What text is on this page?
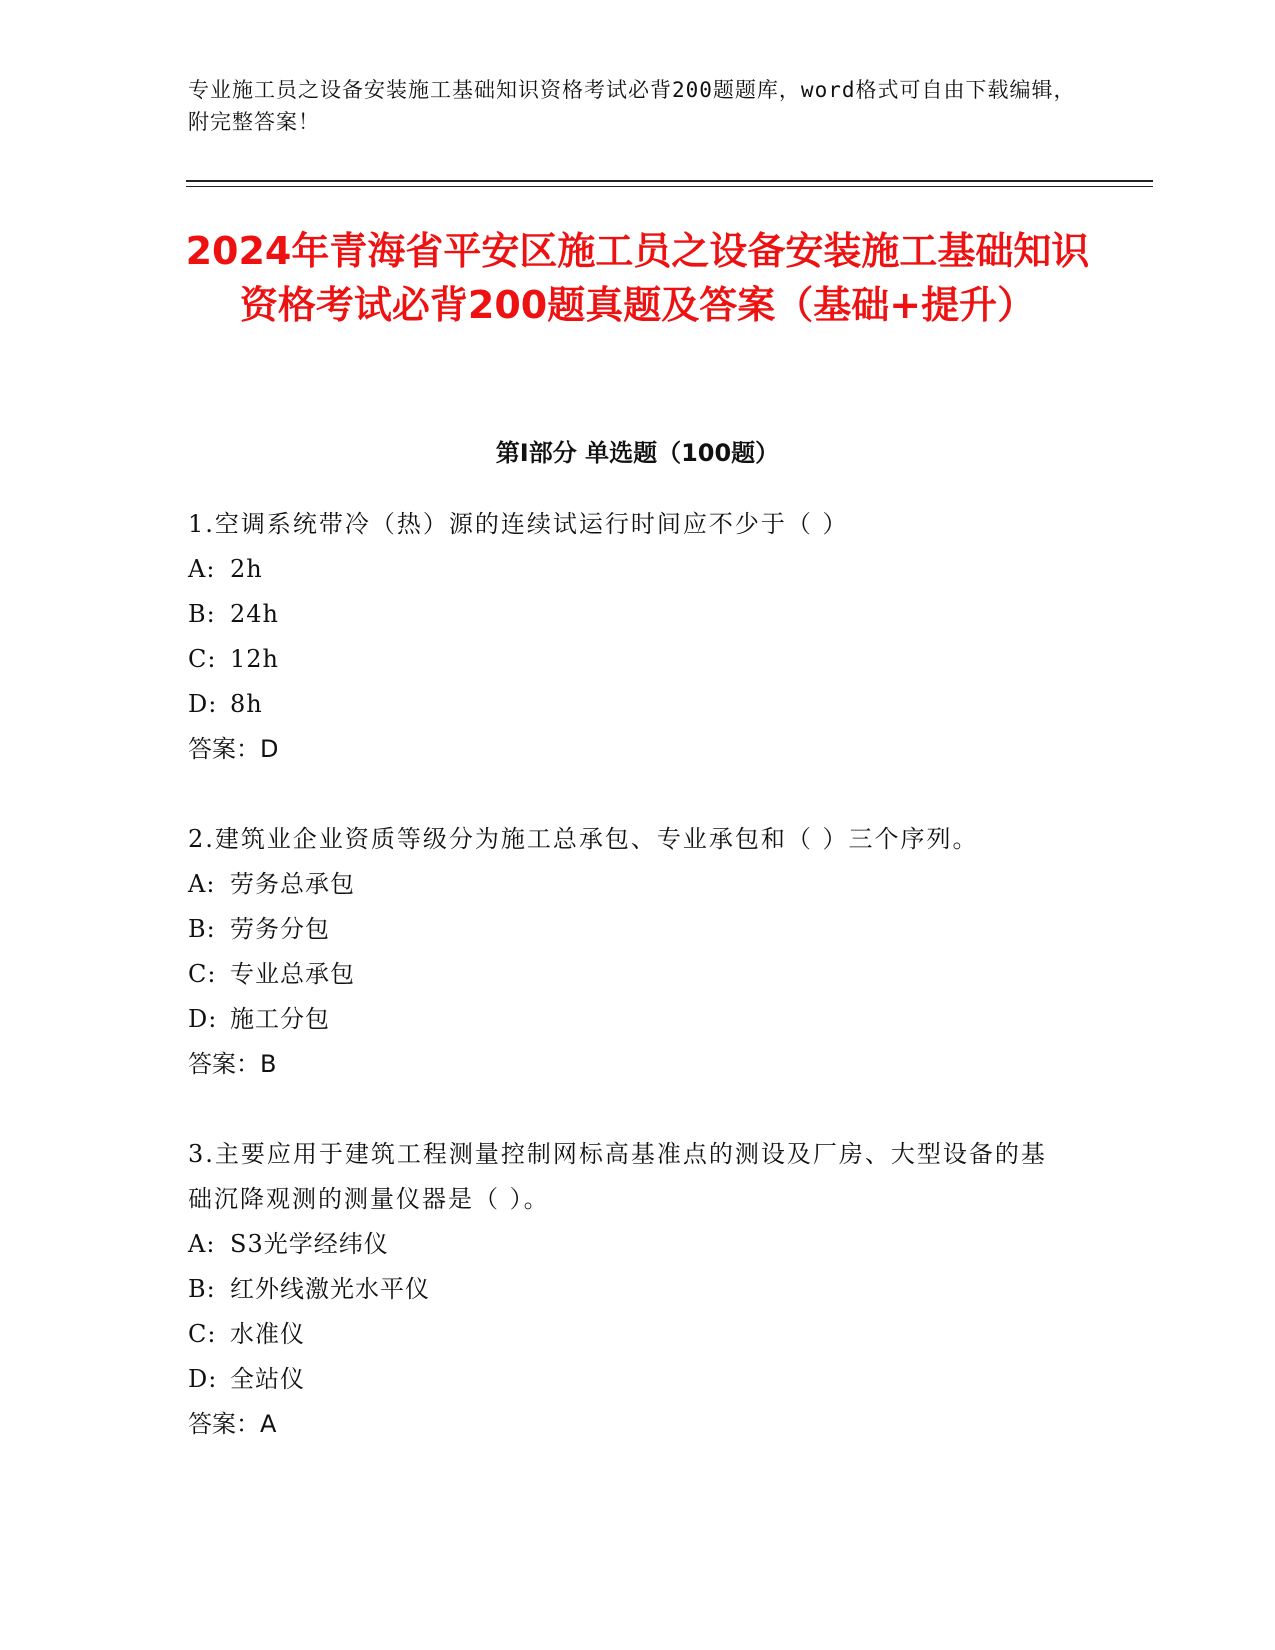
专业施工员之设备安装施工基础知识资格考试必背200题题库，word格式可自由下载编辑，附完整答案！
2024年青海省平安区施工员之设备安装施工基础知识资格考试必背200题真题及答案（基础+提升）
第Ⅰ部分 单选题（100题）
1.空调系统带冷（热）源的连续试运行时间应不少于（ ）
A: 2h
B: 24h
C: 12h
D: 8h
答案：D
2.建筑业企业资质等级分为施工总承包、专业承包和（ ）三个序列。
A: 劳务总承包
B: 劳务分包
C: 专业总承包
D: 施工分包
答案：B
3.主要应用于建筑工程测量控制网标高基准点的测设及厂房、大型设备的基础沉降观测的测量仪器是（ ）。
A: S3光学经纬仪
B: 红外线激光水平仪
C: 水准仪
D: 全站仪
答案：A
